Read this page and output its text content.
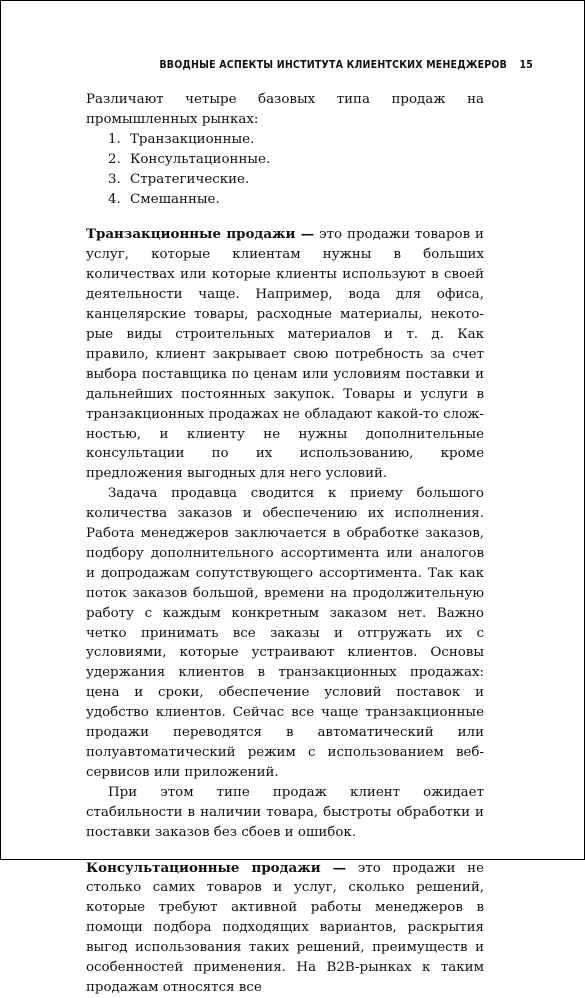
ВВОДНЫЕ АСПЕКТЫ ИНСТИТУТА КЛИЕНТСКИХ МЕНЕДЖЕРОВ 15

Различают четыре базовых типа продаж на промышленных рынках:

1. Транзакционные.
2. Консультационные.
3. Стратегические.
4. Смешанные.

Транзакционные продажи — это продажи товаров и услуг, которые клиентам нужны в больших количествах или которые клиенты используют в своей деятельности чаще. Например, вода для офиса, канцелярские товары, расходные материалы, некоторые виды строительных материалов и т. д. Как правило, клиент закрывает свою потребность за счет выбора поставщика по ценам или условиям поставки и дальнейших постоянных закупок. Товары и услуги в транзакционных продажах не обладают какой-то сложностью, и клиенту не нужны дополнительные консультации по их использованию, кроме предложения выгодных для него условий.

Задача продавца сводится к приему большого количества заказов и обеспечению их исполнения. Работа менеджеров заключается в обработке заказов, подбору дополнительного ассортимента или аналогов и допродажам сопутствующего ассортимента. Так как поток заказов большой, времени на продолжительную работу с каждым конкретным заказом нет. Важно четко принимать все заказы и отгружать их с условиями, которые устраивают клиентов. Основы удержания клиентов в транзакционных продажах: цена и сроки, обеспечение условий поставок и удобство клиентов. Сейчас все чаще транзакционные продажи переводятся в автоматический или полуавтоматический режим с использованием веб-сервисов или приложений.

При этом типе продаж клиент ожидает стабильности в наличии товара, быстроты обработки и поставки заказов без сбоев и ошибок.

Консультационные продажи — это продажи не столько самих товаров и услуг, сколько решений, которые требуют активной работы менеджеров в помощи подбора подходящих вариантов, раскрытия выгод использования таких решений, преимуществ и особенностей применения. На B2B-рынках к таким продажам относятся все
